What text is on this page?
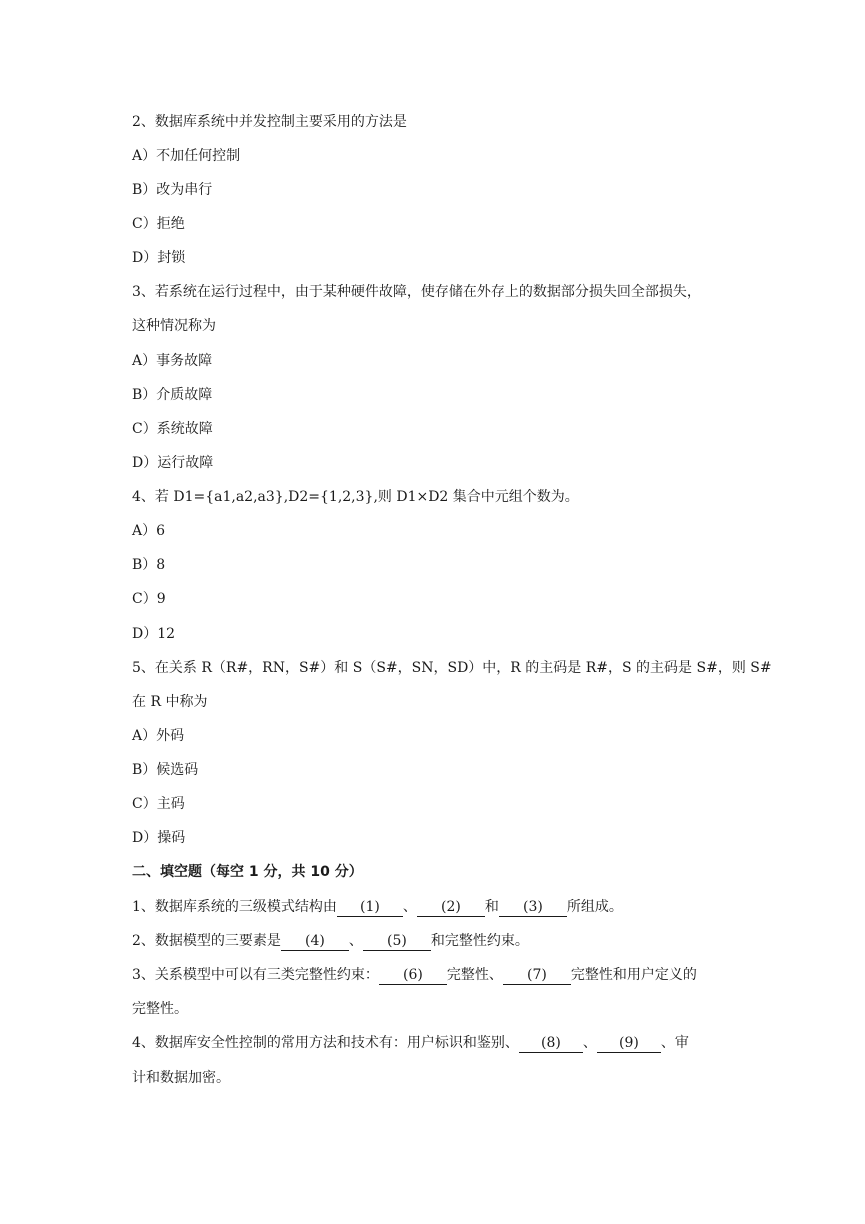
2、数据库系统中并发控制主要采用的方法是
A）不加任何控制
B）改为串行
C）拒绝
D）封锁
3、若系统在运行过程中，由于某种硬件故障，使存储在外存上的数据部分损失回全部损失，
这种情况称为
A）事务故障
B）介质故障
C）系统故障
D）运行故障
4、若 D1={a1,a2,a3},D2={1,2,3},则 D1×D2 集合中元组个数为。
A）6
B）8
C）9
D）12
5、在关系 R（R#，RN，S#）和 S（S#，SN，SD）中，R 的主码是 R#，S 的主码是 S#，则 S#
在 R 中称为
A）外码
B）候选码
C）主码
D）操码
二、填空题（每空 1 分，共 10 分）
1、数据库系统的三级模式结构由 (1) 、 (2) 和 (3) 所组成。
2、数据模型的三要素是 (4) 、 (5) 和完整性约束。
3、关系模型中可以有三类完整性约束： (6) 完整性、 (7) 完整性和用户定义的
完整性。
4、数据库安全性控制的常用方法和技术有：用户标识和鉴别、 (8) 、 (9) 、审
计和数据加密。
